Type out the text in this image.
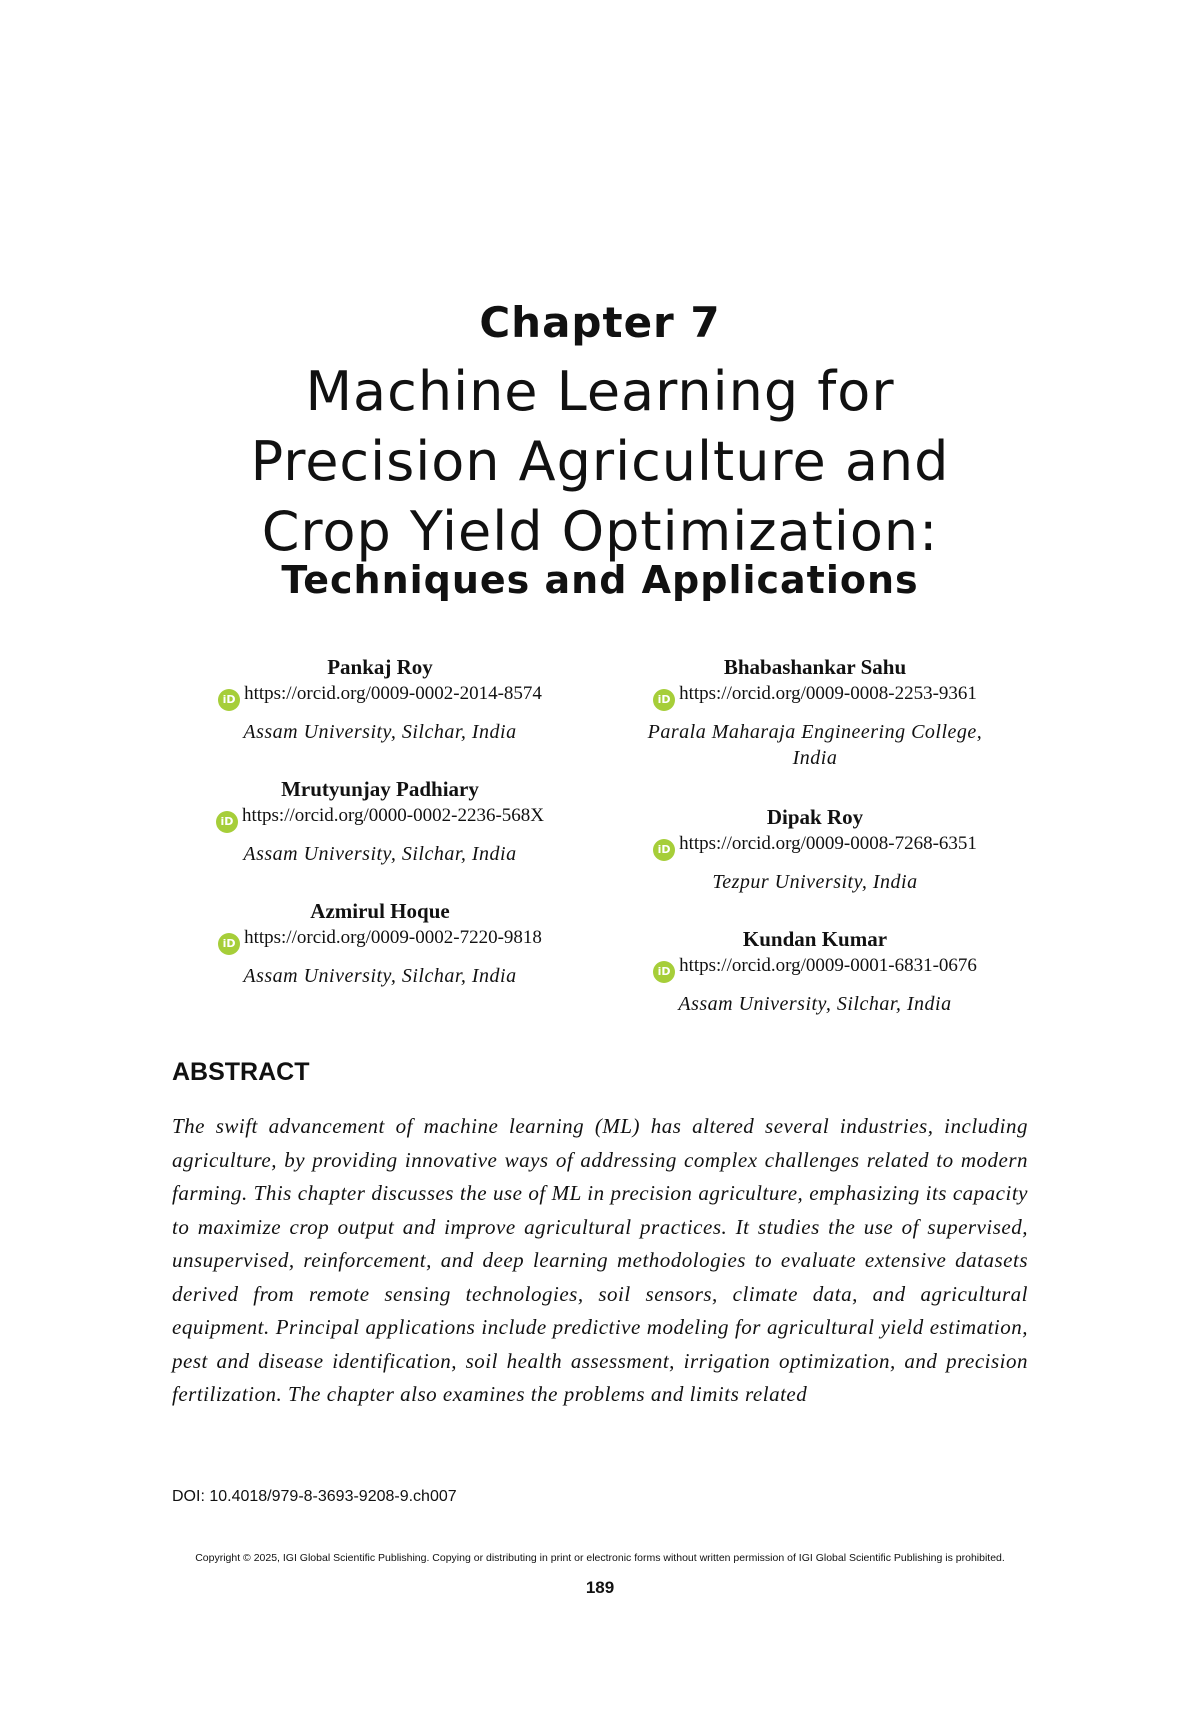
Chapter 7
Machine Learning for
Precision Agriculture and
Crop Yield Optimization:
Techniques and Applications
Pankaj Roy
iD https://orcid.org/0009-0002-2014-8574
Assam University, Silchar, India
Mrutyunjay Padhiary
iD https://orcid.org/0000-0002-2236-568X
Assam University, Silchar, India
Azmirul Hoque
iD https://orcid.org/0009-0002-7220-9818
Assam University, Silchar, India
Bhabashankar Sahu
iD https://orcid.org/0009-0008-2253-9361
Parala Maharaja Engineering College, India
Dipak Roy
iD https://orcid.org/0009-0008-7268-6351
Tezpur University, India
Kundan Kumar
iD https://orcid.org/0009-0001-6831-0676
Assam University, Silchar, India
ABSTRACT
The swift advancement of machine learning (ML) has altered several industries, including agriculture, by providing innovative ways of addressing complex challenges related to modern farming. This chapter discusses the use of ML in precision agriculture, emphasizing its capacity to maximize crop output and improve agricultural practices. It studies the use of supervised, unsupervised, reinforcement, and deep learning methodologies to evaluate extensive datasets derived from remote sensing technologies, soil sensors, climate data, and agricultural equipment. Principal applications include predictive modeling for agricultural yield estimation, pest and disease identification, soil health assessment, irrigation optimization, and precision fertilization. The chapter also examines the problems and limits related
DOI: 10.4018/979-8-3693-9208-9.ch007
Copyright © 2025, IGI Global Scientific Publishing. Copying or distributing in print or electronic forms without written permission of IGI Global Scientific Publishing is prohibited.
189
